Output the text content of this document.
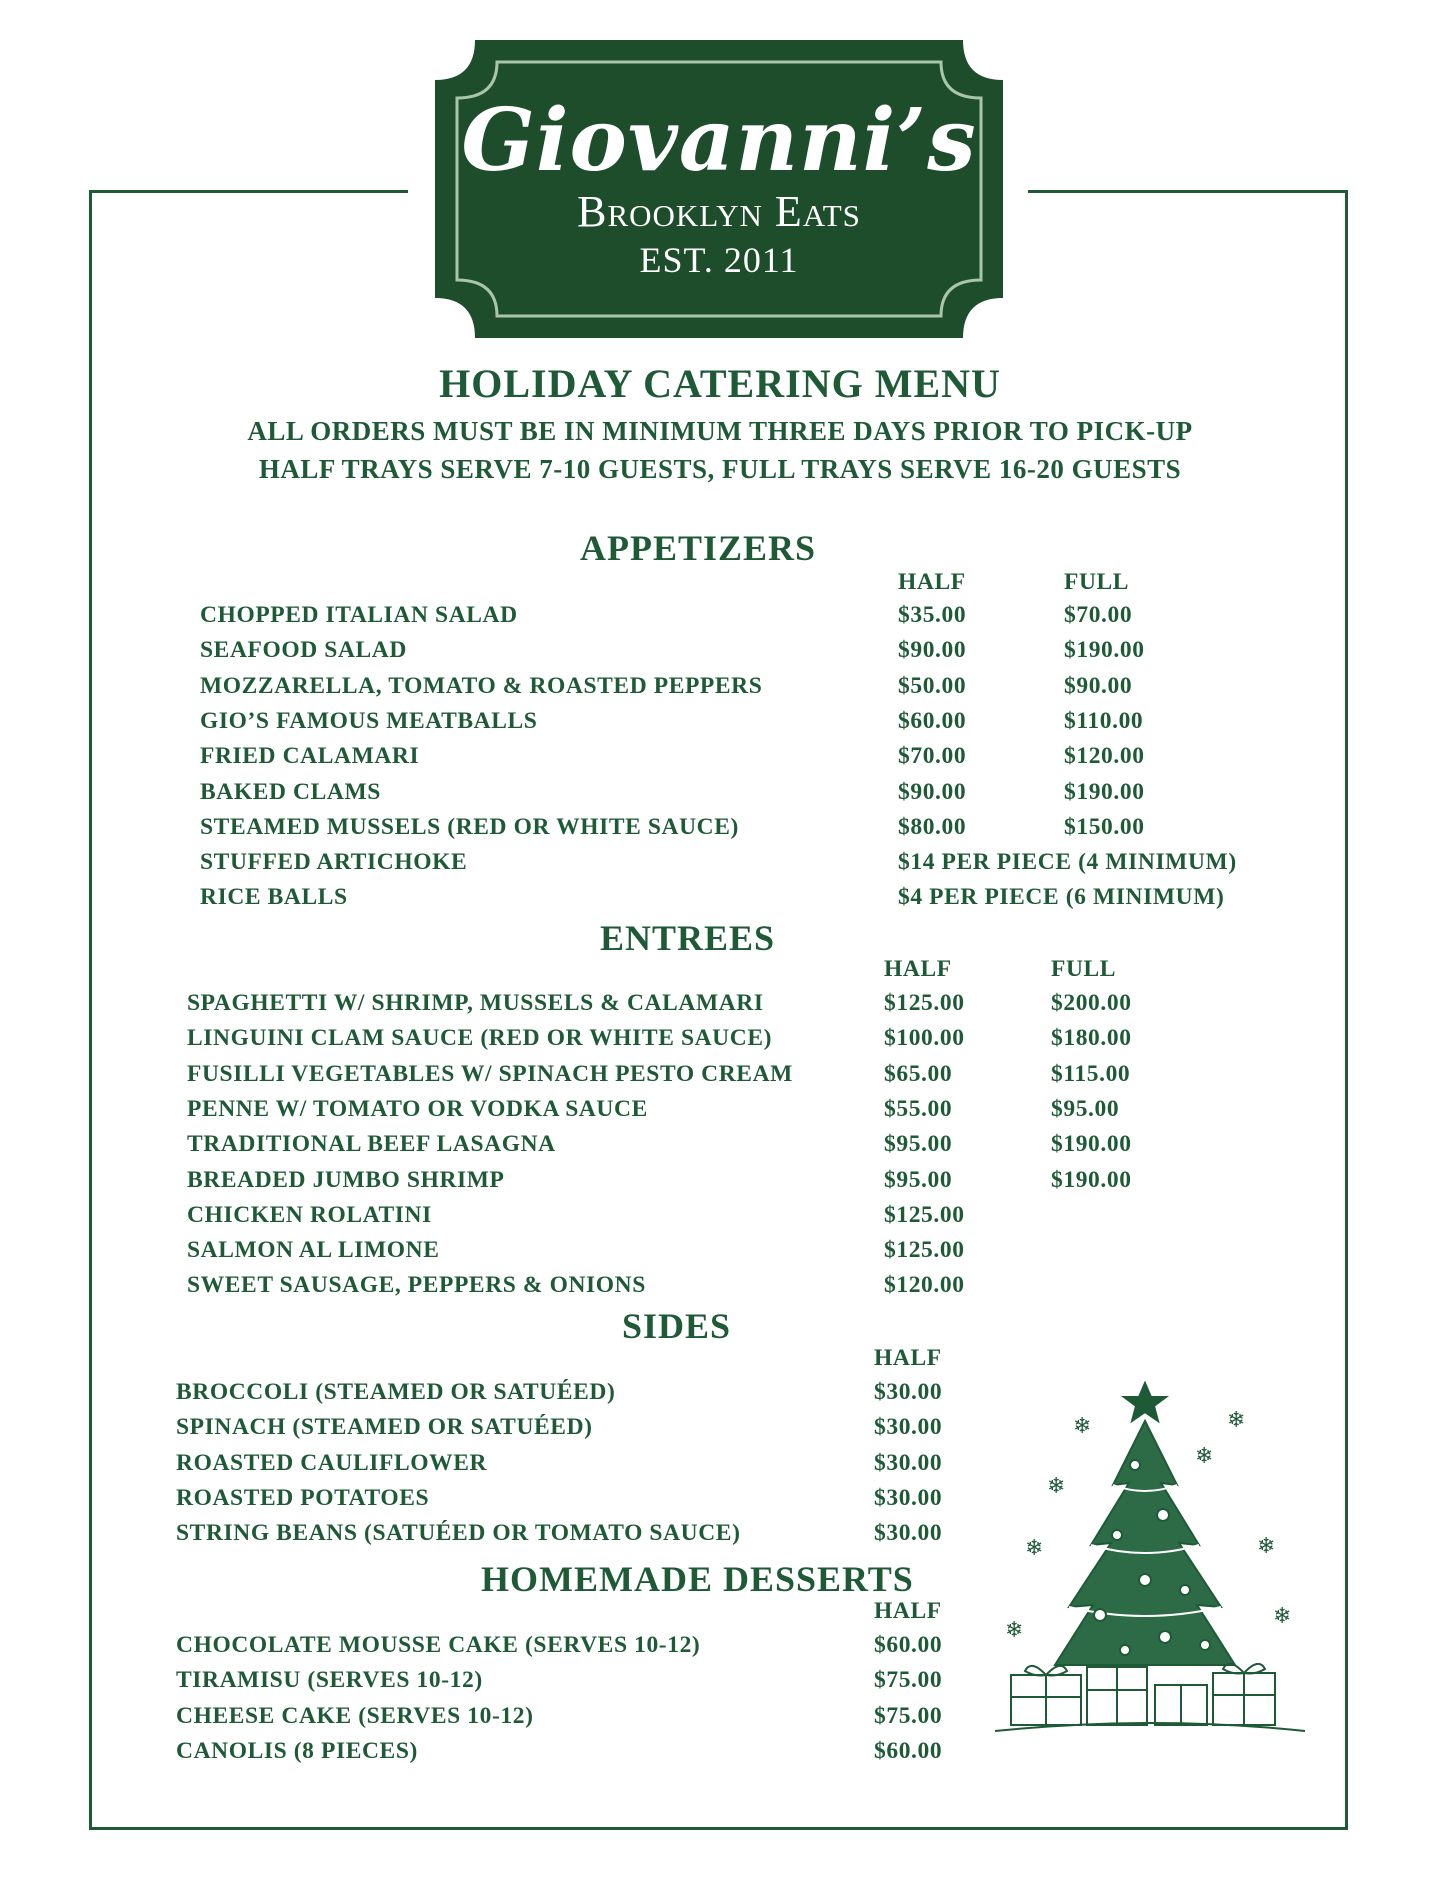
Giovanni’s
Brooklyn Eats
EST. 2011
HOLIDAY CATERING MENU
ALL ORDERS MUST BE IN MINIMUM THREE DAYS PRIOR TO PICK-UP
HALF TRAYS SERVE 7-10 GUESTS, FULL TRAYS SERVE 16-20 GUESTS
APPETIZERS
HALF	FULL
CHOPPED ITALIAN SALAD	$35.00	$70.00
SEAFOOD SALAD	$90.00	$190.00
MOZZARELLA, TOMATO & ROASTED PEPPERS	$50.00	$90.00
GIO’S FAMOUS MEATBALLS	$60.00	$110.00
FRIED CALAMARI	$70.00	$120.00
BAKED CLAMS	$90.00	$190.00
STEAMED MUSSELS (RED OR WHITE SAUCE)	$80.00	$150.00
STUFFED ARTICHOKE	$14 PER PIECE (4 MINIMUM)
RICE BALLS	$4 PER PIECE (6 MINIMUM)
ENTREES
HALF	FULL
SPAGHETTI W/ SHRIMP, MUSSELS & CALAMARI	$125.00	$200.00
LINGUINI CLAM SAUCE (RED OR WHITE SAUCE)	$100.00	$180.00
FUSILLI VEGETABLES W/ SPINACH PESTO CREAM	$65.00	$115.00
PENNE W/ TOMATO OR VODKA SAUCE	$55.00	$95.00
TRADITIONAL BEEF LASAGNA	$95.00	$190.00
BREADED JUMBO SHRIMP	$95.00	$190.00
CHICKEN ROLATINI	$125.00
SALMON AL LIMONE	$125.00
SWEET SAUSAGE, PEPPERS & ONIONS	$120.00
SIDES
HALF
BROCCOLI (STEAMED OR SATUÉED)	$30.00
SPINACH (STEAMED OR SATUÉED)	$30.00
ROASTED CAULIFLOWER	$30.00
ROASTED POTATOES	$30.00
STRING BEANS (SATUÉED OR TOMATO SAUCE)	$30.00
HOMEMADE DESSERTS
HALF
CHOCOLATE MOUSSE CAKE (SERVES 10-12)	$60.00
TIRAMISU (SERVES 10-12)	$75.00
CHEESE CAKE (SERVES 10-12)	$75.00
CANOLIS (8 PIECES)	$60.00
❄	❄
❄
❄
❄	❄
❄
❄
